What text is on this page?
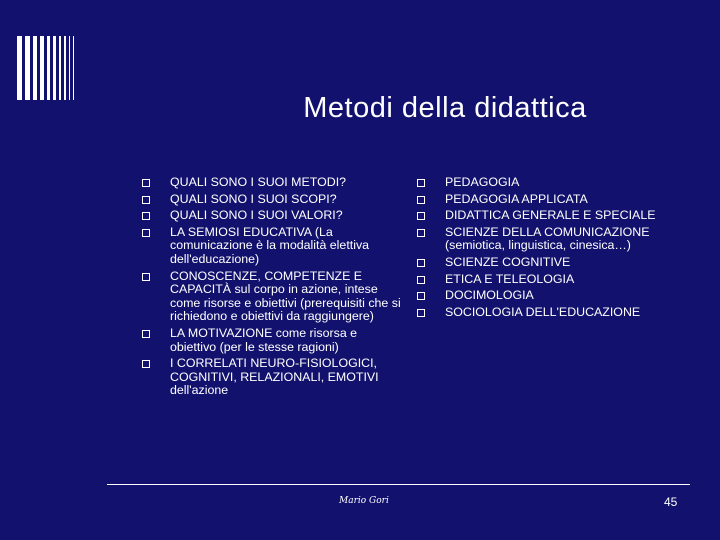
Metodi della didattica
QUALI SONO I SUOI METODI?
QUALI SONO I SUOI SCOPI?
QUALI SONO I SUOI VALORI?
LA SEMIOSI EDUCATIVA (La comunicazione è la modalità elettiva dell'educazione)
CONOSCENZE, COMPETENZE E CAPACITÀ sul corpo in azione, intese come risorse e obiettivi (prerequisiti che si richiedono e obiettivi da raggiungere)
LA MOTIVAZIONE come risorsa e obiettivo (per le stesse ragioni)
I CORRELATI NEURO-FISIOLOGICI, COGNITIVI, RELAZIONALI, EMOTIVI dell'azione
PEDAGOGIA
PEDAGOGIA APPLICATA
DIDATTICA GENERALE E SPECIALE
SCIENZE DELLA COMUNICAZIONE (semiotica, linguistica, cinesica…)
SCIENZE COGNITIVE
ETICA E TELEOLOGIA
DOCIMOLOGIA
SOCIOLOGIA DELL'EDUCAZIONE
Mario Gori	45
